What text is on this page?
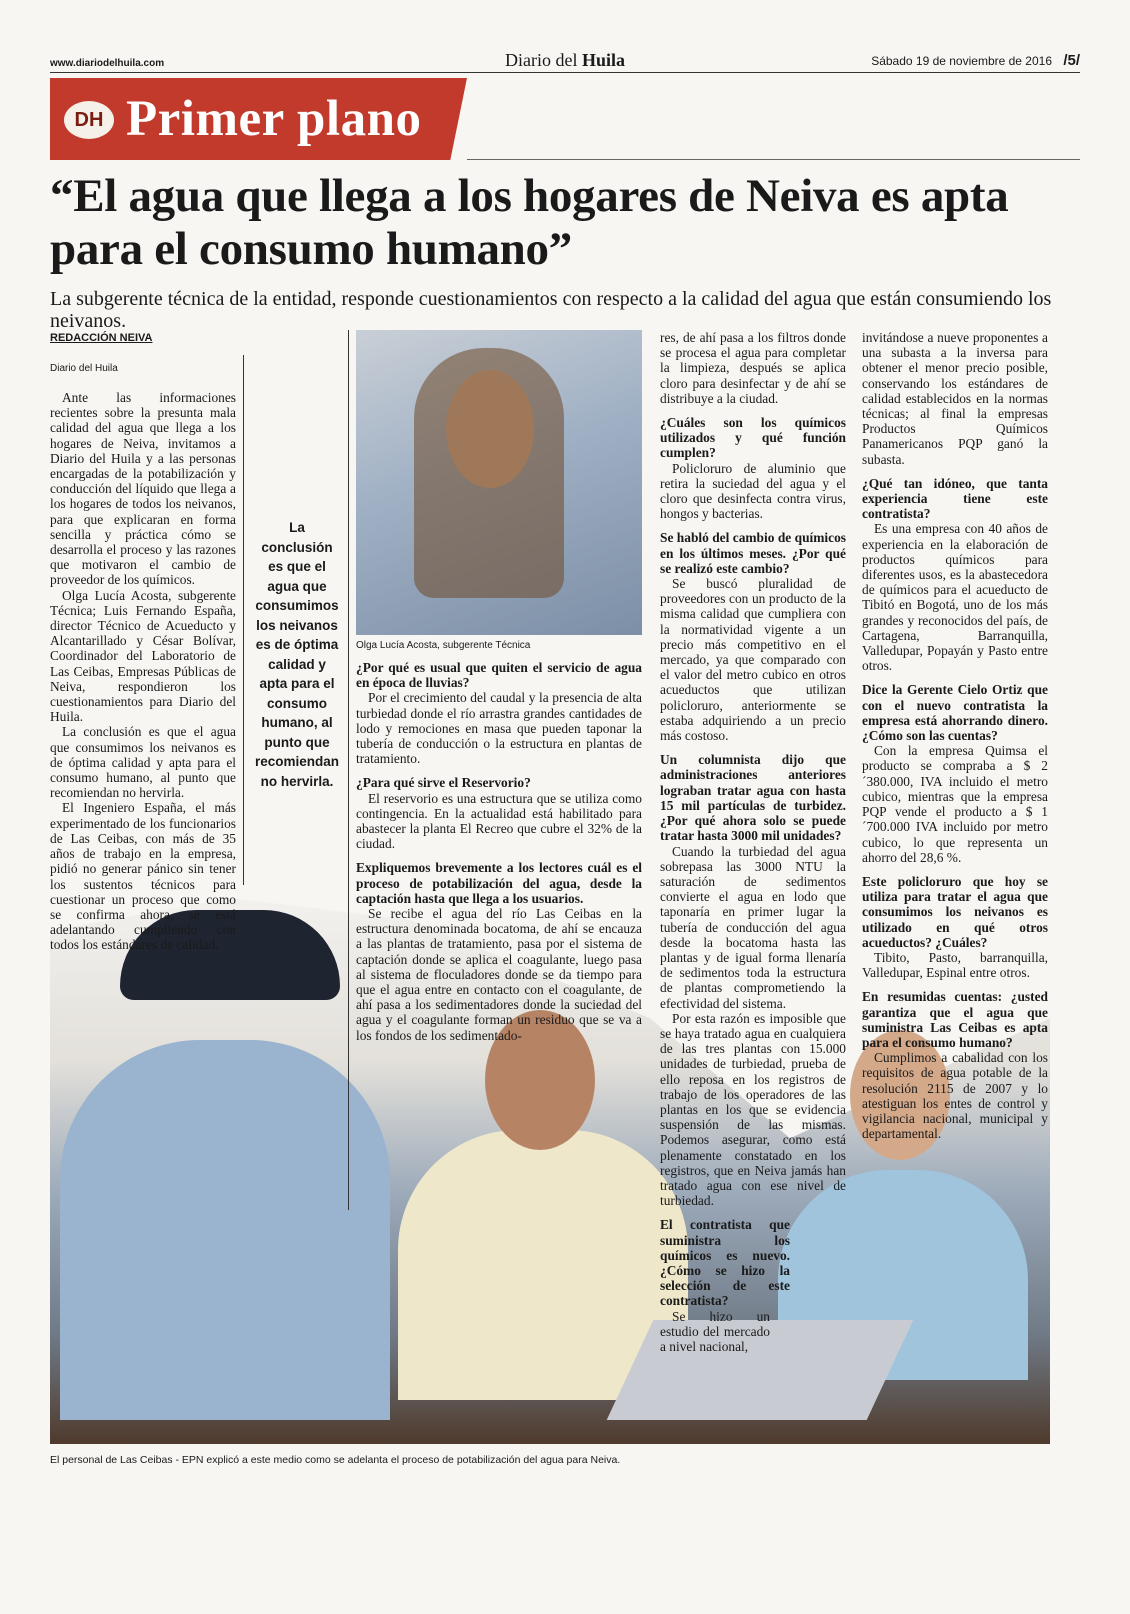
www.diariodelhuila.com	Diario del Huila	Sábado 19 de noviembre de 2016 /5/
DH Primer plano
“El agua que llega a los hogares de Neiva es apta para el consumo humano”
La subgerente técnica de la entidad, responde cuestionamientos con respecto a la calidad del agua que están consumiendo los neivanos.
REDACCIÓN NEIVA
Diario del Huila

Ante las informaciones recientes sobre la presunta mala calidad del agua que llega a los hogares de Neiva, invitamos a Diario del Huila y a las personas encargadas de la potabilización y conducción del líquido que llega a los hogares de todos los neivanos, para que explicaran en forma sencilla y práctica cómo se desarrolla el proceso y las razones que motivaron el cambio de proveedor de los químicos.

Olga Lucía Acosta, subgerente Técnica; Luis Fernando España, director Técnico de Acueducto y Alcantarillado y César Bolívar, Coordinador del Laboratorio de Las Ceibas, Empresas Públicas de Neiva, respondieron los cuestionamientos para Diario del Huila.

La conclusión es que el agua que consumimos los neivanos es de óptima calidad y apta para el consumo humano, al punto que recomiendan no hervirla.

El Ingeniero España, el más experimentado de los funcionarios de Las Ceibas, con más de 35 años de trabajo en la empresa, pidió no generar pánico sin tener los sustentos técnicos para cuestionar un proceso que como se confirma ahora, se está adelantando cumpliendo con todos los estándares de calidad.

La conclusión es que el agua que consumimos los neivanos es de óptima calidad y apta para el consumo humano, al punto que recomiendan no hervirla.
Olga Lucía Acosta, subgerente Técnica

¿Por qué es usual que quiten el servicio de agua en época de lluvias?

Por el crecimiento del caudal y la presencia de alta turbiedad donde el río arrastra grandes cantidades de lodo y remociones en masa que pueden taponar la tubería de conducción o la estructura en plantas de tratamiento.

¿Para qué sirve el Reservorio?

El reservorio es una estructura que se utiliza como contingencia. En la actualidad está habilitado para abastecer la planta El Recreo que cubre el 32% de la ciudad.

Expliquemos brevemente a los lectores cuál es el proceso de potabilización del agua, desde la captación hasta que llega a los usuarios.

Se recibe el agua del río Las Ceibas en la estructura denominada bocatoma, de ahí se encauza a las plantas de tratamiento, pasa por el sistema de captación donde se aplica el coagulante, luego pasa al sistema de floculadores donde se da tiempo para que el agua entre en contacto con el coagulante, de ahí pasa a los sedimentadores donde la suciedad del agua y el coagulante forman un residuo que se va a los fondos de los sedimentado-

res, de ahí pasa a los filtros donde se procesa el agua para completar la limpieza, después se aplica cloro para desinfectar y de ahí se distribuye a la ciudad.

¿Cuáles son los químicos utilizados y qué función cumplen?

Policloruro de aluminio que retira la suciedad del agua y el cloro que desinfecta contra virus, hongos y bacterias.

Se habló del cambio de químicos en los últimos meses. ¿Por qué se realizó este cambio?

Se buscó pluralidad de proveedores con un producto de la misma calidad que cumpliera con la normatividad vigente a un precio más competitivo en el mercado, ya que comparado con el valor del metro cubico en otros acueductos que utilizan policloruro, anteriormente se estaba adquiriendo a un precio más costoso.

Un columnista dijo que administraciones anteriores lograban tratar agua con hasta 15 mil partículas de turbidez. ¿Por qué ahora solo se puede tratar hasta 3000 mil unidades?

Cuando la turbiedad del agua sobrepasa las 3000 NTU la saturación de sedimentos convierte el agua en lodo que taponaría en primer lugar la tubería de conducción del agua desde la bocatoma hasta las plantas y de igual forma llenaría de sedimentos toda la estructura de plantas comprometiendo la efectividad del sistema.

Por esta razón es imposible que se haya tratado agua en cualquiera de las tres plantas con 15.000 unidades de turbiedad, prueba de ello reposa en los registros de trabajo de los operadores de las plantas en los que se evidencia suspensión de las mismas. Podemos asegurar, como está plenamente constatado en los registros, que en Neiva jamás han tratado agua con ese nivel de turbiedad.

El contratista que suministra los químicos es nuevo. ¿Cómo se hizo la selección de este contratista?

Se hizo un estudio del mercado a nivel nacional,

invitándose a nueve proponentes a una subasta a la inversa para obtener el menor precio posible, conservando los estándares de calidad establecidos en la normas técnicas; al final la empresas Productos Químicos Panamericanos PQP ganó la subasta.

¿Qué tan idóneo, que tanta experiencia tiene este contratista?

Es una empresa con 40 años de experiencia en la elaboración de productos químicos para diferentes usos, es la abastecedora de químicos para el acueducto de Tibitó en Bogotá, uno de los más grandes y reconocidos del país, de Cartagena, Barranquilla, Valledupar, Popayán y Pasto entre otros.

Dice la Gerente Cielo Ortiz que con el nuevo contratista la empresa está ahorrando dinero. ¿Cómo son las cuentas?

Con la empresa Quimsa el producto se compraba a $ 2´380.000, IVA incluido el metro cubico, mientras que la empresa PQP vende el producto a $ 1´700.000 IVA incluido por metro cubico, lo que representa un ahorro del 28,6 %.

Este policloruro que hoy se utiliza para tratar el agua que consumimos los neivanos es utilizado en qué otros acueductos? ¿Cuáles?

Tibito, Pasto, barranquilla, Valledupar, Espinal entre otros.

En resumidas cuentas: ¿usted garantiza que el agua que suministra Las Ceibas es apta para el consumo humano?

Cumplimos a cabalidad con los requisitos de agua potable de la resolución 2115 de 2007 y lo atestiguan los entes de control y vigilancia nacional, municipal y departamental.

El personal de Las Ceibas - EPN explicó a este medio como se adelanta el proceso de potabilización del agua para Neiva.
